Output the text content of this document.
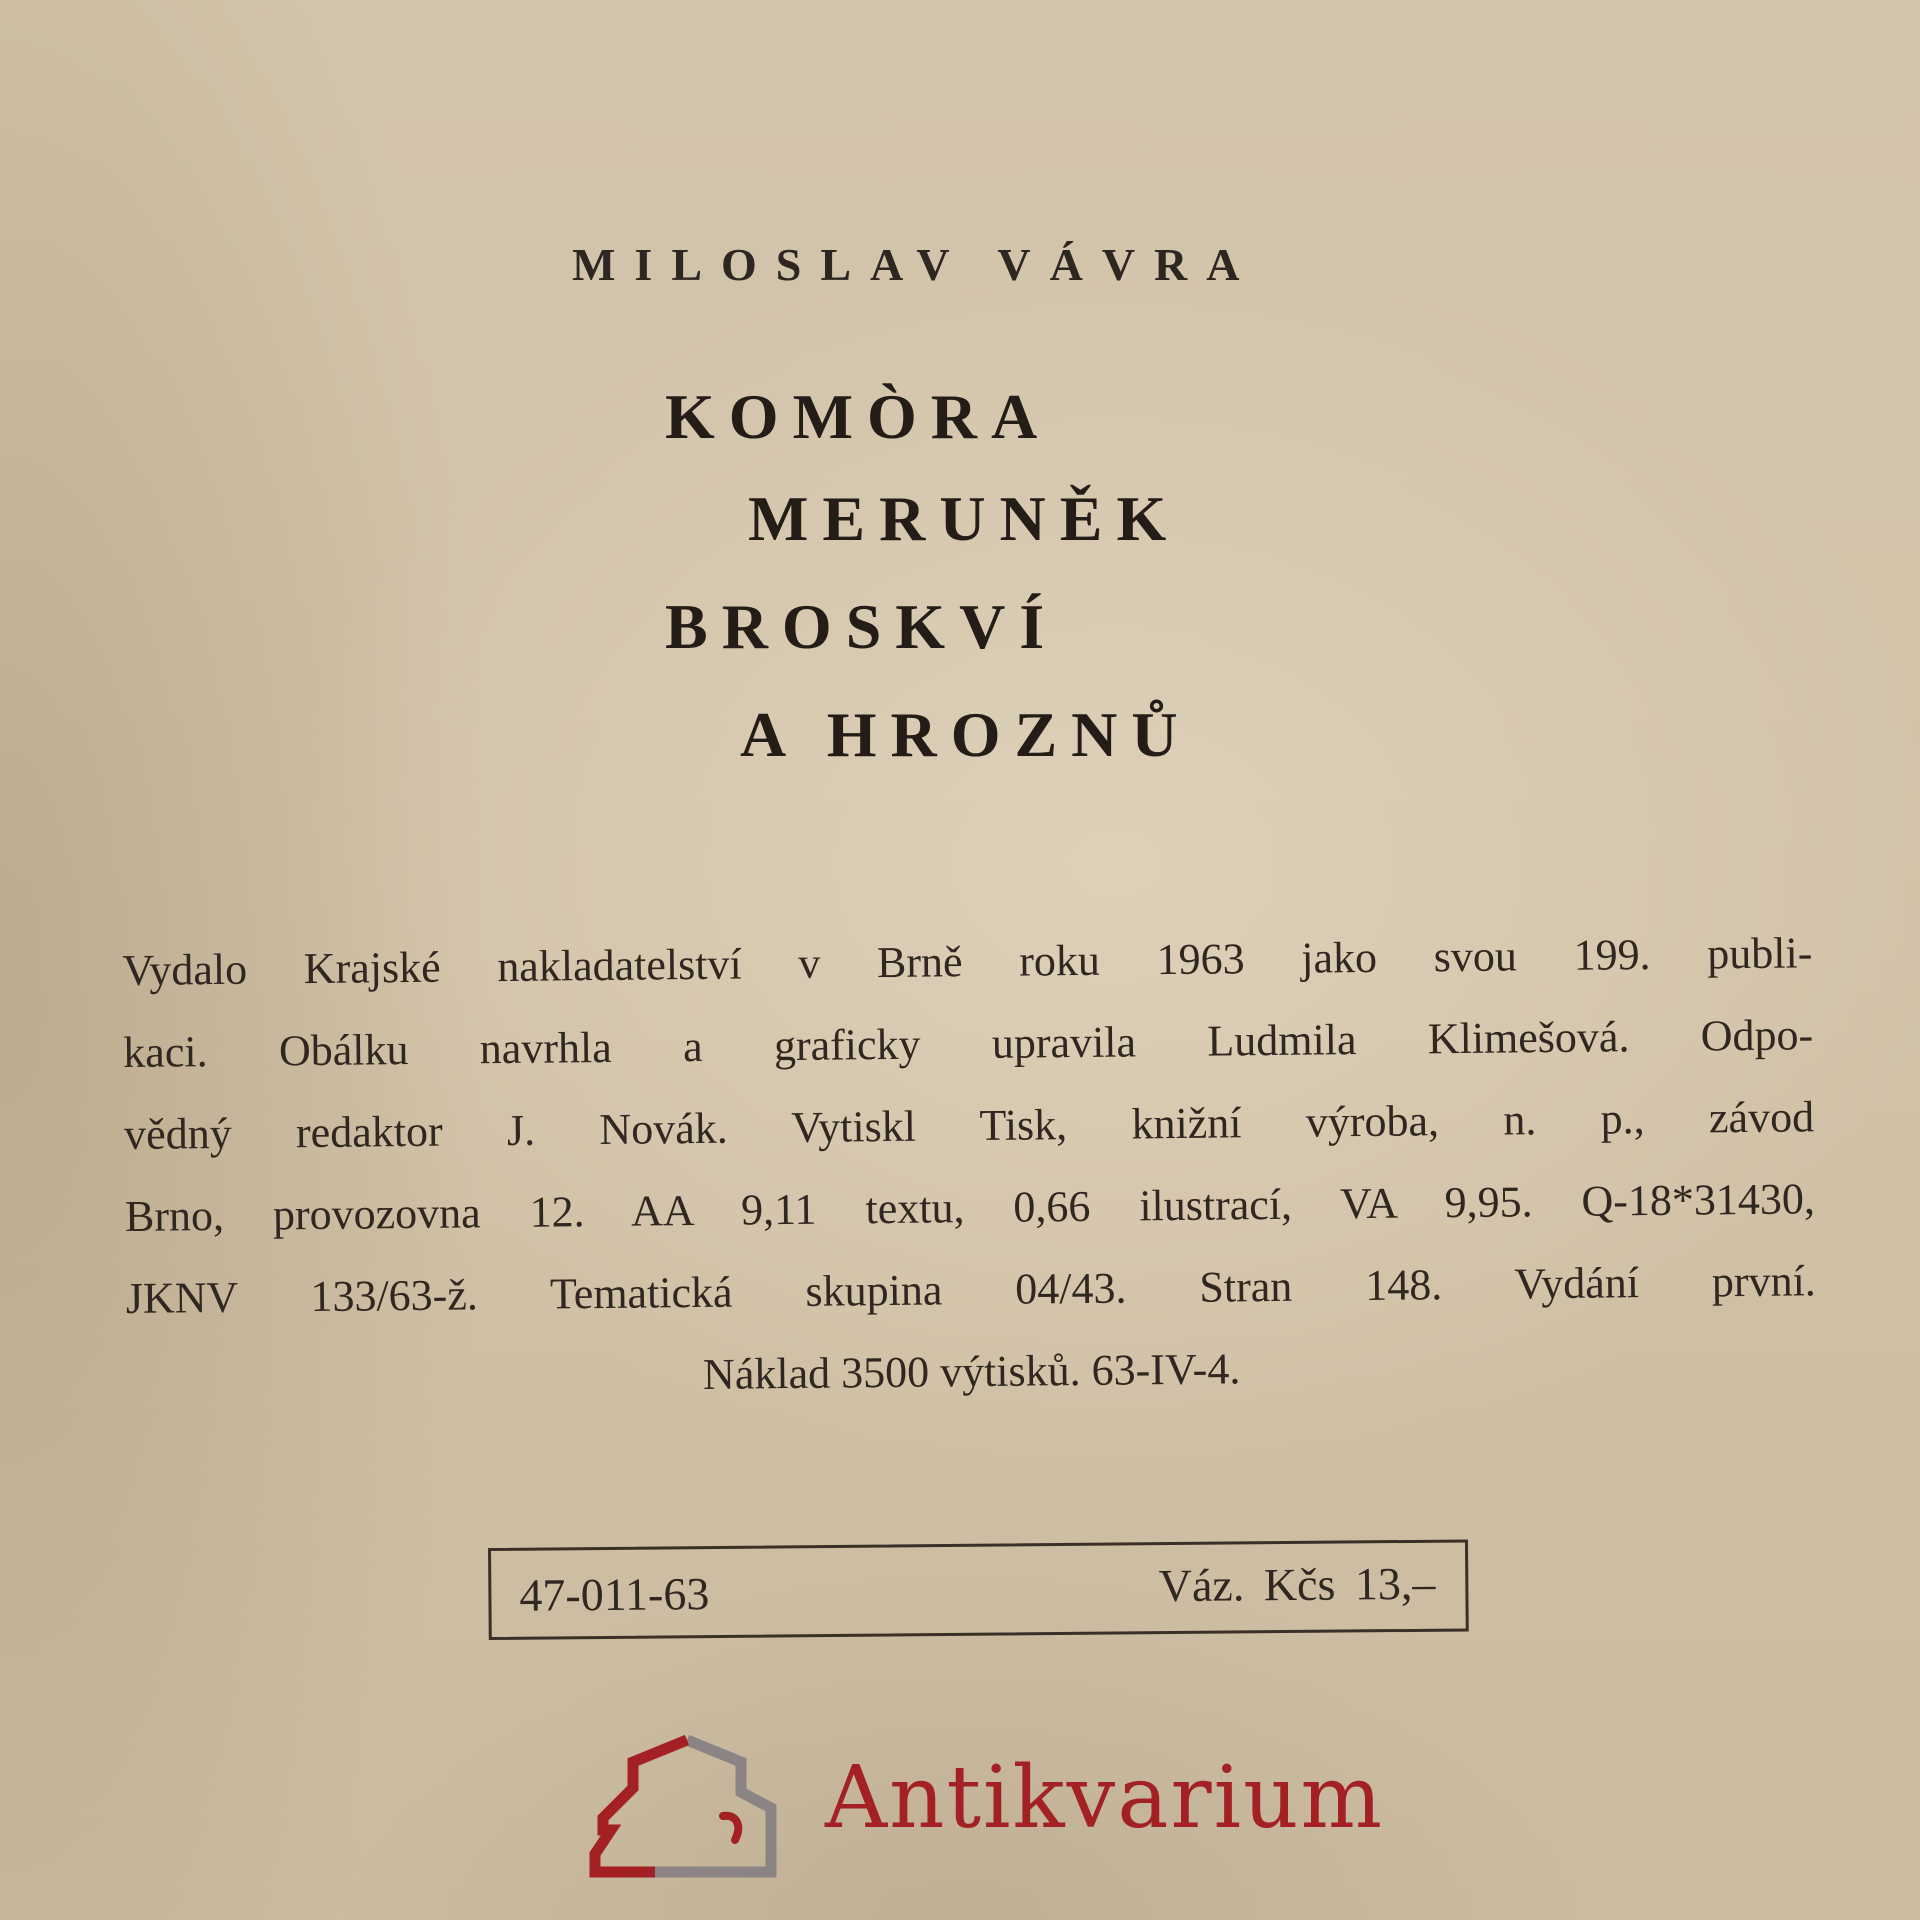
MILOSLAV VÁVRA
KOMÒRA
MERUNĚK
BROSKVÍ
A HROZNŮ
Vydalo Krajské nakladatelství v Brně roku 1963 jako svou 199. publi-
kaci. Obálku navrhla a graficky upravila Ludmila Klimešová. Odpo-
vědný redaktor J. Novák. Vytiskl Tisk, knižní výroba, n. p., závod
Brno, provozovna 12. AA 9,11 textu, 0,66 ilustrací, VA 9,95. Q-18*31430,
JKNV 133/63-ž. Tematická skupina 04/43. Stran 148. Vydání první.
Náklad 3500 výtisků. 63-IV-4.
47-011-63	Váz. Kčs 13,–
Antikvarium
